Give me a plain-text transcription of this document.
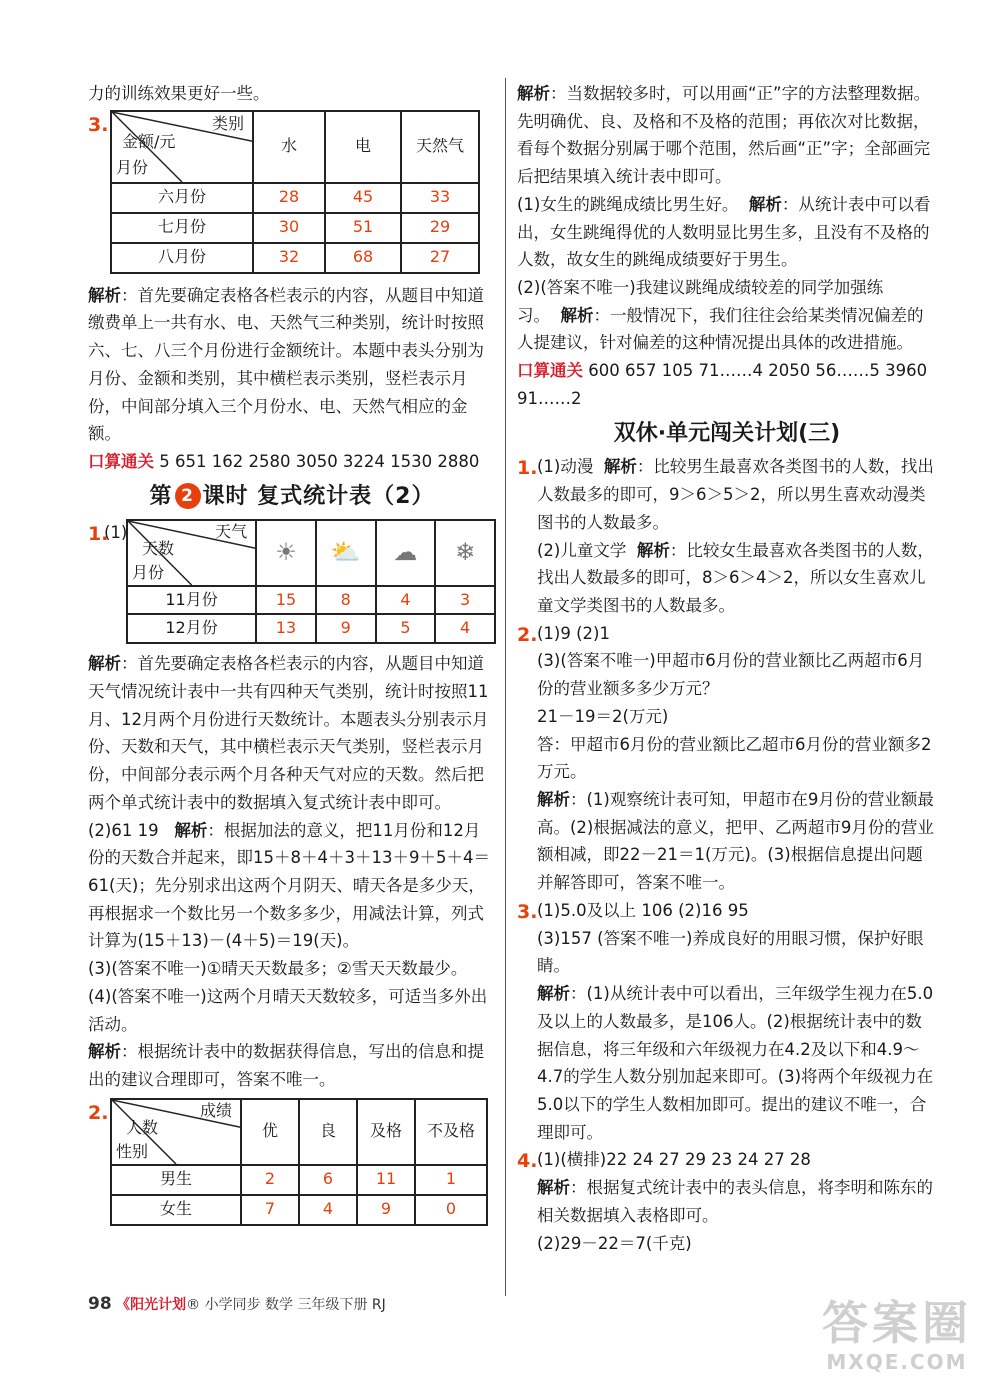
力的训练效果更好一些。

3.	类别
金额/元
月份	水	电	天然气
六月份	28	45	33
七月份	30	51	29
八月份	32	68	27

解析：首先要确定表格各栏表示的内容，从题目中知道缴费单上一共有水、电、天然气三种类别，统计时按照六、七、八三个月份进行金额统计。本题中表头分别为月份、金额和类别，其中横栏表示类别，竖栏表示月份，中间部分填入三个月份水、电、天然气相应的金额。

口算通关 5 651 162 2580 3050 3224 1530 2880

第 2 课时 复式统计表（2）
1.
(1)	天气
天数
月份	☀	⛅	☁	❄
11月份	15	8	4	3
12月份	13	9	5	4

解析：首先要确定表格各栏表示的内容，从题目中知道天气情况统计表中一共有四种天气类别，统计时按照11月、12月两个月份进行天数统计。本题表头分别表示月份、天数和天气，其中横栏表示天气类别，竖栏表示月份，中间部分表示两个月各种天气对应的天数。然后把两个单式统计表中的数据填入复式统计表中即可。

(2)61 19 解析：根据加法的意义，把11月份和12月份的天数合并起来，即15＋8＋4＋3＋13＋9＋5＋4＝61(天)；先分别求出这两个月阴天、晴天各是多少天，再根据求一个数比另一个数多多少，用减法计算，列式计算为(15＋13)－(4＋5)＝19(天)。

(3)(答案不唯一)①晴天天数最多；②雪天天数最少。

(4)(答案不唯一)这两个月晴天天数较多，可适当多外出活动。

解析：根据统计表中的数据获得信息，写出的信息和提出的建议合理即可，答案不唯一。

2.	成绩
人数
性别	优	良	及格	不及格
男生	2	6	11	1
女生	7	4	9	0

解析：当数据较多时，可以用画“正”字的方法整理数据。先明确优、良、及格和不及格的范围；再依次对比数据，看每个数据分别属于哪个范围，然后画“正”字；全部画完后把结果填入统计表中即可。

(1)女生的跳绳成绩比男生好。 解析：从统计表中可以看出，女生跳绳得优的人数明显比男生多，且没有不及格的人数，故女生的跳绳成绩要好于男生。

(2)(答案不唯一)我建议跳绳成绩较差的同学加强练习。 解析：一般情况下，我们往往会给某类情况偏差的人提建议，针对偏差的这种情况提出具体的改进措施。

口算通关 600 657 105 71……4 2050 56……5 3960 91……2

双休·单元闯关计划(三)
1. (1)动漫 解析：比较男生最喜欢各类图书的人数，找出人数最多的即可，9＞6＞5＞2，所以男生喜欢动漫类图书的人数最多。

(2)儿童文学 解析：比较女生最喜欢各类图书的人数，找出人数最多的即可，8＞6＞4＞2，所以女生喜欢儿童文学类图书的人数最多。

2. (1)9 (2)1

(3)(答案不唯一)甲超市6月份的营业额比乙两超市6月份的营业额多多少万元？

21－19＝2(万元)

答：甲超市6月份的营业额比乙超市6月份的营业额多2万元。

解析：(1)观察统计表可知，甲超市在9月份的营业额最高。(2)根据减法的意义，把甲、乙两超市9月份的营业额相减，即22－21＝1(万元)。(3)根据信息提出问题并解答即可，答案不唯一。

3. (1)5.0及以上 106 (2)16 95

(3)157 (答案不唯一)养成良好的用眼习惯，保护好眼睛。

解析：(1)从统计表中可以看出，三年级学生视力在5.0及以上的人数最多，是106人。(2)根据统计表中的数据信息，将三年级和六年级视力在4.2及以下和4.9～4.7的学生人数分别加起来即可。(3)将两个年级视力在5.0以下的学生人数相加即可。提出的建议不唯一，合理即可。

4. (1)(横排)22 24 27 29 23 24 27 28

解析：根据复式统计表中的表头信息，将李明和陈东的相关数据填入表格即可。

(2)29－22＝7(千克)

98 《阳光计划® 小学同步 数学 三年级下册 RJ	答案圈
MXQE.COM
